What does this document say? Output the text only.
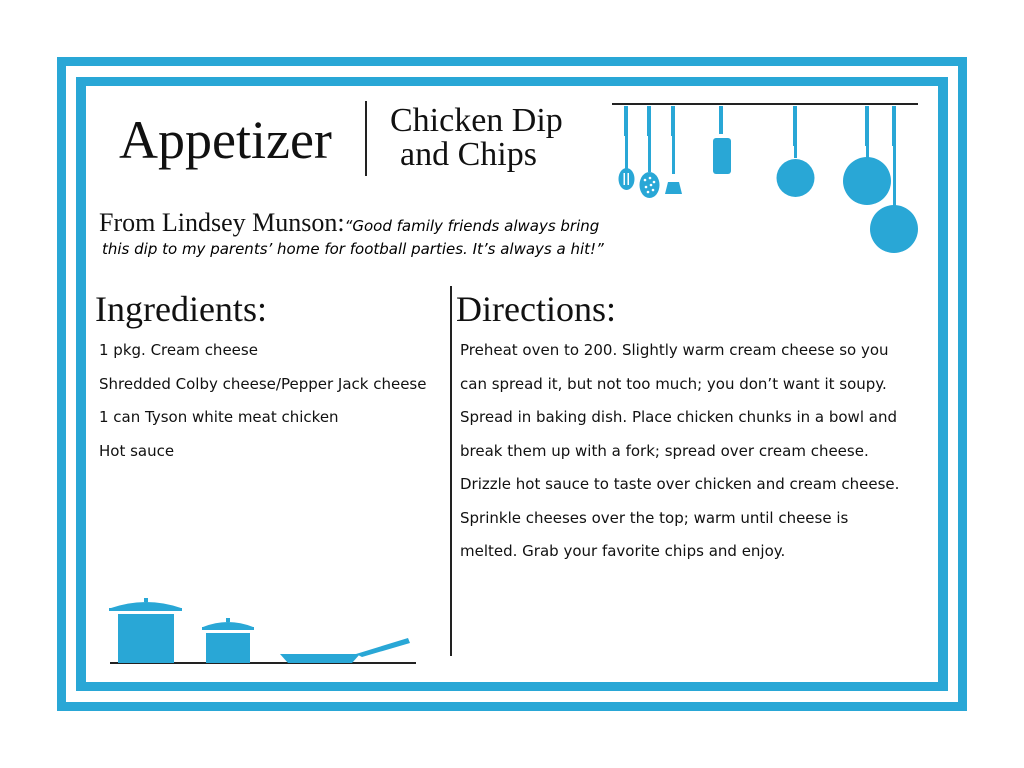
Appetizer Chicken Dip
and Chips
From Lindsey Munson:“Good family friends always bring
this dip to my parents’ home for football parties. It’s always a hit!”
Ingredients:	Directions:
1 pkg. Cream cheese
Shredded Colby cheese/Pepper Jack cheese
1 can Tyson white meat chicken
Hot sauce
Preheat oven to 200. Slightly warm cream cheese so you
can spread it, but not too much; you don’t want it soupy.
Spread in baking dish. Place chicken chunks in a bowl and
break them up with a fork; spread over cream cheese.
Drizzle hot sauce to taste over chicken and cream cheese.
Sprinkle cheeses over the top; warm until cheese is
melted. Grab your favorite chips and enjoy.
